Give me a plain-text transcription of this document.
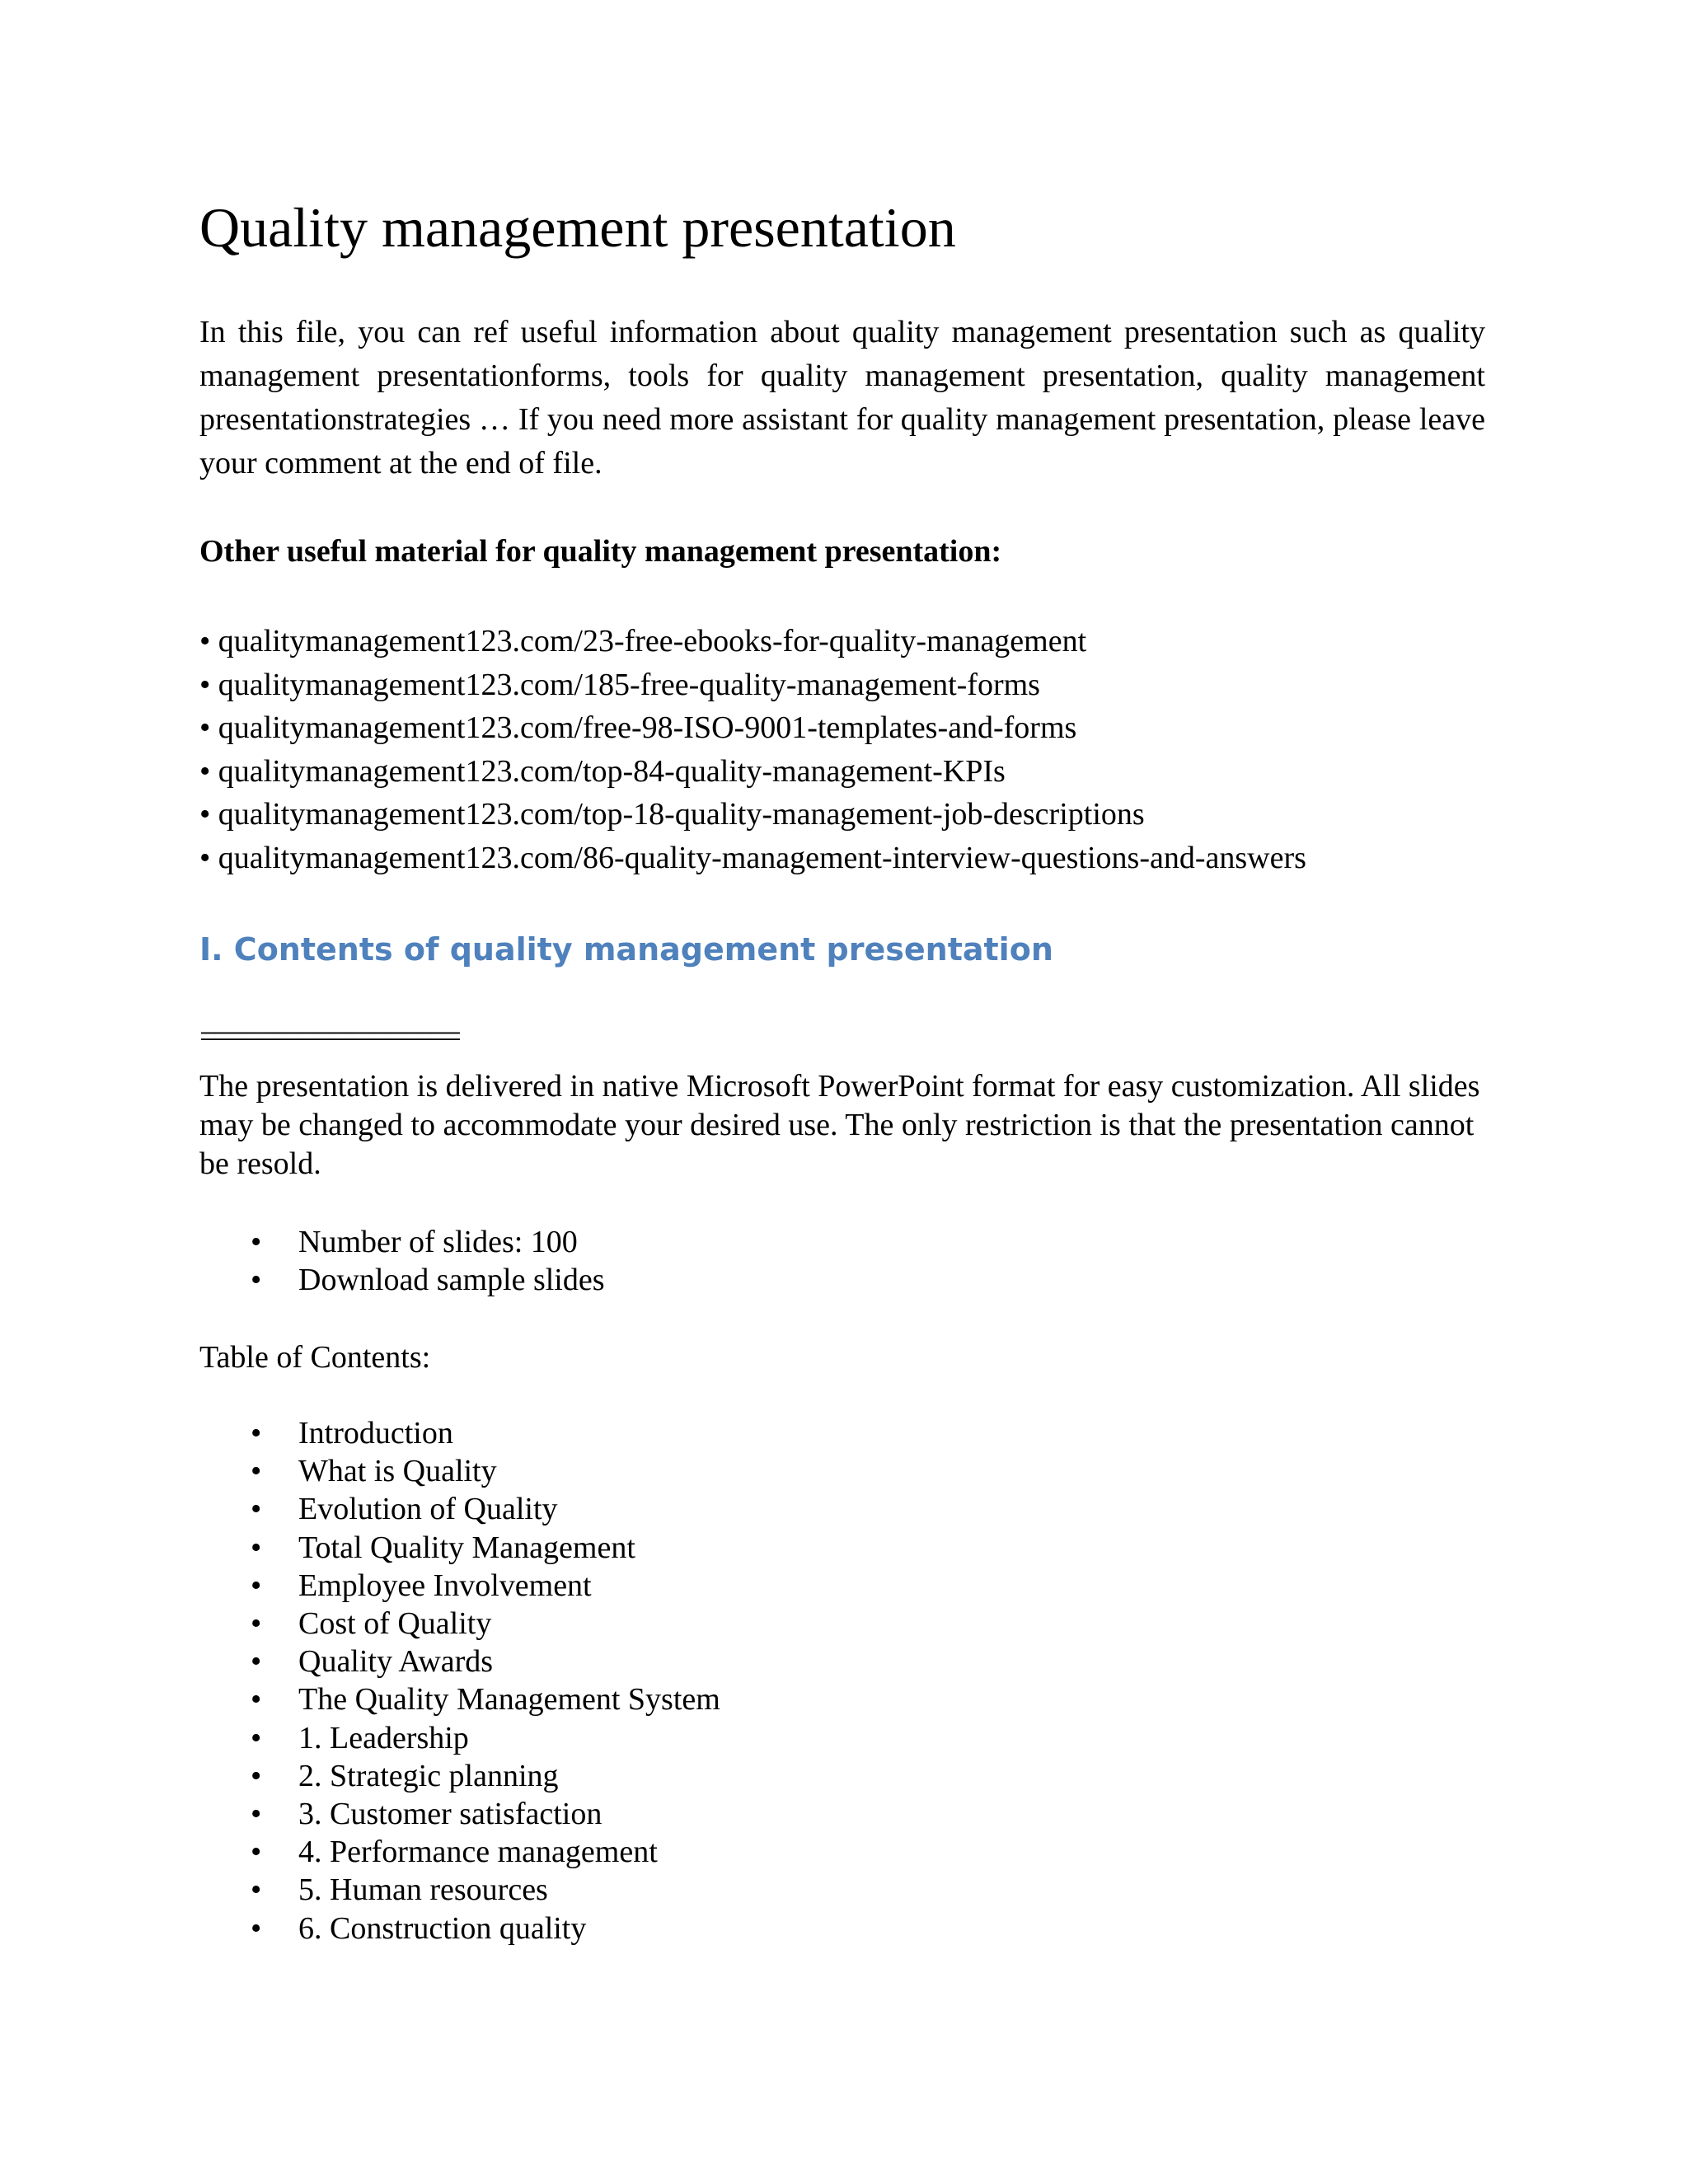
Quality management presentation
In this file, you can ref useful information about quality management presentation such as quality management presentationforms, tools for quality management presentation, quality management presentationstrategies … If you need more assistant for quality management presentation, please leave your comment at the end of file.
Other useful material for quality management presentation:
• qualitymanagement123.com/23-free-ebooks-for-quality-management
• qualitymanagement123.com/185-free-quality-management-forms
• qualitymanagement123.com/free-98-ISO-9001-templates-and-forms
• qualitymanagement123.com/top-84-quality-management-KPIs
• qualitymanagement123.com/top-18-quality-management-job-descriptions
• qualitymanagement123.com/86-quality-management-interview-questions-and-answers
I. Contents of quality management presentation
==================
The presentation is delivered in native Microsoft PowerPoint format for easy customization. All slides may be changed to accommodate your desired use. The only restriction is that the presentation cannot be resold.
• Number of slides: 100
• Download sample slides
Table of Contents:
• Introduction
• What is Quality
• Evolution of Quality
• Total Quality Management
• Employee Involvement
• Cost of Quality
• Quality Awards
• The Quality Management System
• 1. Leadership
• 2. Strategic planning
• 3. Customer satisfaction
• 4. Performance management
• 5. Human resources
• 6. Construction quality
